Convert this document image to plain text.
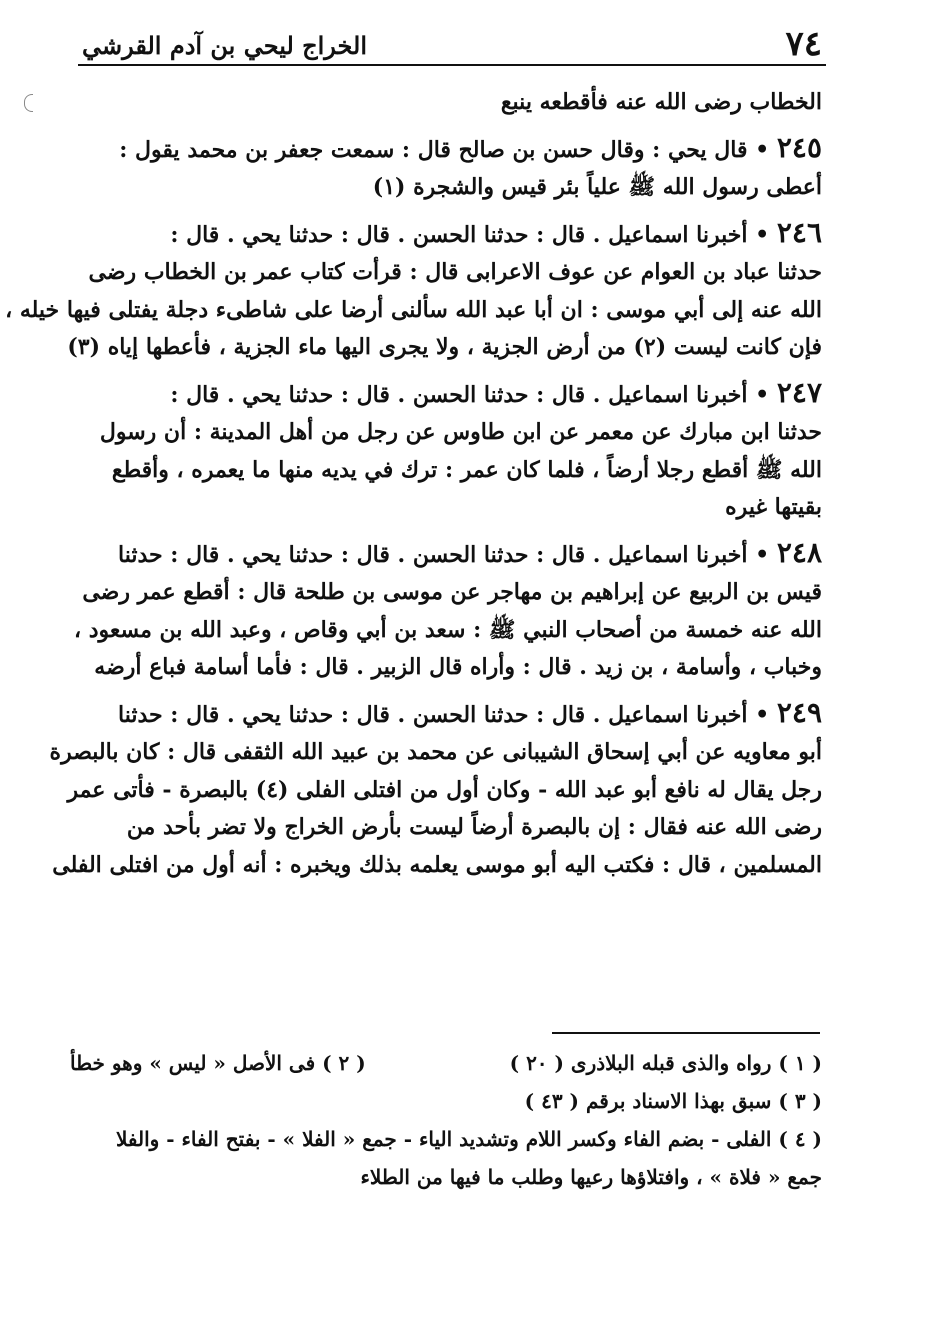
٧٤
الخراج ليحي بن آدم القرشي
الخطاب رضى الله عنه فأقطعه ينبع
٢٤٥ • قال يحي : وقال حسن بن صالح قال : سمعت جعفر بن محمد يقول :
أعطى رسول الله ﷺ علياً بئر قيس والشجرة (١)
٢٤٦ • أخبرنا اسماعيل . قال : حدثنا الحسن . قال : حدثنا يحي . قال :
حدثنا عباد بن العوام عن عوف الاعرابى قال : قرأت كتاب عمر بن الخطاب رضى
الله عنه إلى أبي موسى : ان أبا عبد الله سألنى أرضا على شاطىء دجلة يفتلى فيها خيله ،
فإن كانت ليست (٢) من أرض الجزية ، ولا يجرى اليها ماء الجزية ، فأعطها إياه (٣)
٢٤٧ • أخبرنا اسماعيل . قال : حدثنا الحسن . قال : حدثنا يحي . قال :
حدثنا ابن مبارك عن معمر عن ابن طاوس عن رجل من أهل المدينة : أن رسول
الله ﷺ أقطع رجلا أرضاً ، فلما كان عمر : ترك في يديه منها ما يعمره ، وأقطع
بقيتها غيره
٢٤٨ • أخبرنا اسماعيل . قال : حدثنا الحسن . قال : حدثنا يحي . قال : حدثنا
قيس بن الربيع عن إبراهيم بن مهاجر عن موسى بن طلحة قال : أقطع عمر رضى
الله عنه خمسة من أصحاب النبي ﷺ : سعد بن أبي وقاص ، وعبد الله بن مسعود ،
وخباب ، وأسامة ، بن زيد . قال : وأراه قال الزبير . قال : فأما أسامة فباع أرضه
٢٤٩ • أخبرنا اسماعيل . قال : حدثنا الحسن . قال : حدثنا يحي . قال : حدثنا
أبو معاويه عن أبي إسحاق الشيبانى عن محمد بن عبيد الله الثقفى قال : كان بالبصرة
رجل يقال له نافع أبو عبد الله - وكان أول من افتلى الفلى (٤) بالبصرة - فأتى عمر
رضى الله عنه فقال : إن بالبصرة أرضاً ليست بأرض الخراج ولا تضر بأحد من
المسلمين ، قال : فكتب اليه أبو موسى يعلمه بذلك ويخبره : أنه أول من افتلى الفلى
( ١ ) رواه والذى قبله البلاذرى ( ٢٠ )
( ٢ ) فى الأصل « ليس » وهو خطأ
( ٣ ) سبق بهذا الاسناد برقم ( ٤٣ )
( ٤ ) الفلى - بضم الفاء وكسر اللام وتشديد الياء - جمع « الفلا » - بفتح الفاء - والفلا
جمع « فلاة » ، وافتلاؤها رعيها وطلب ما فيها من الطلاء
